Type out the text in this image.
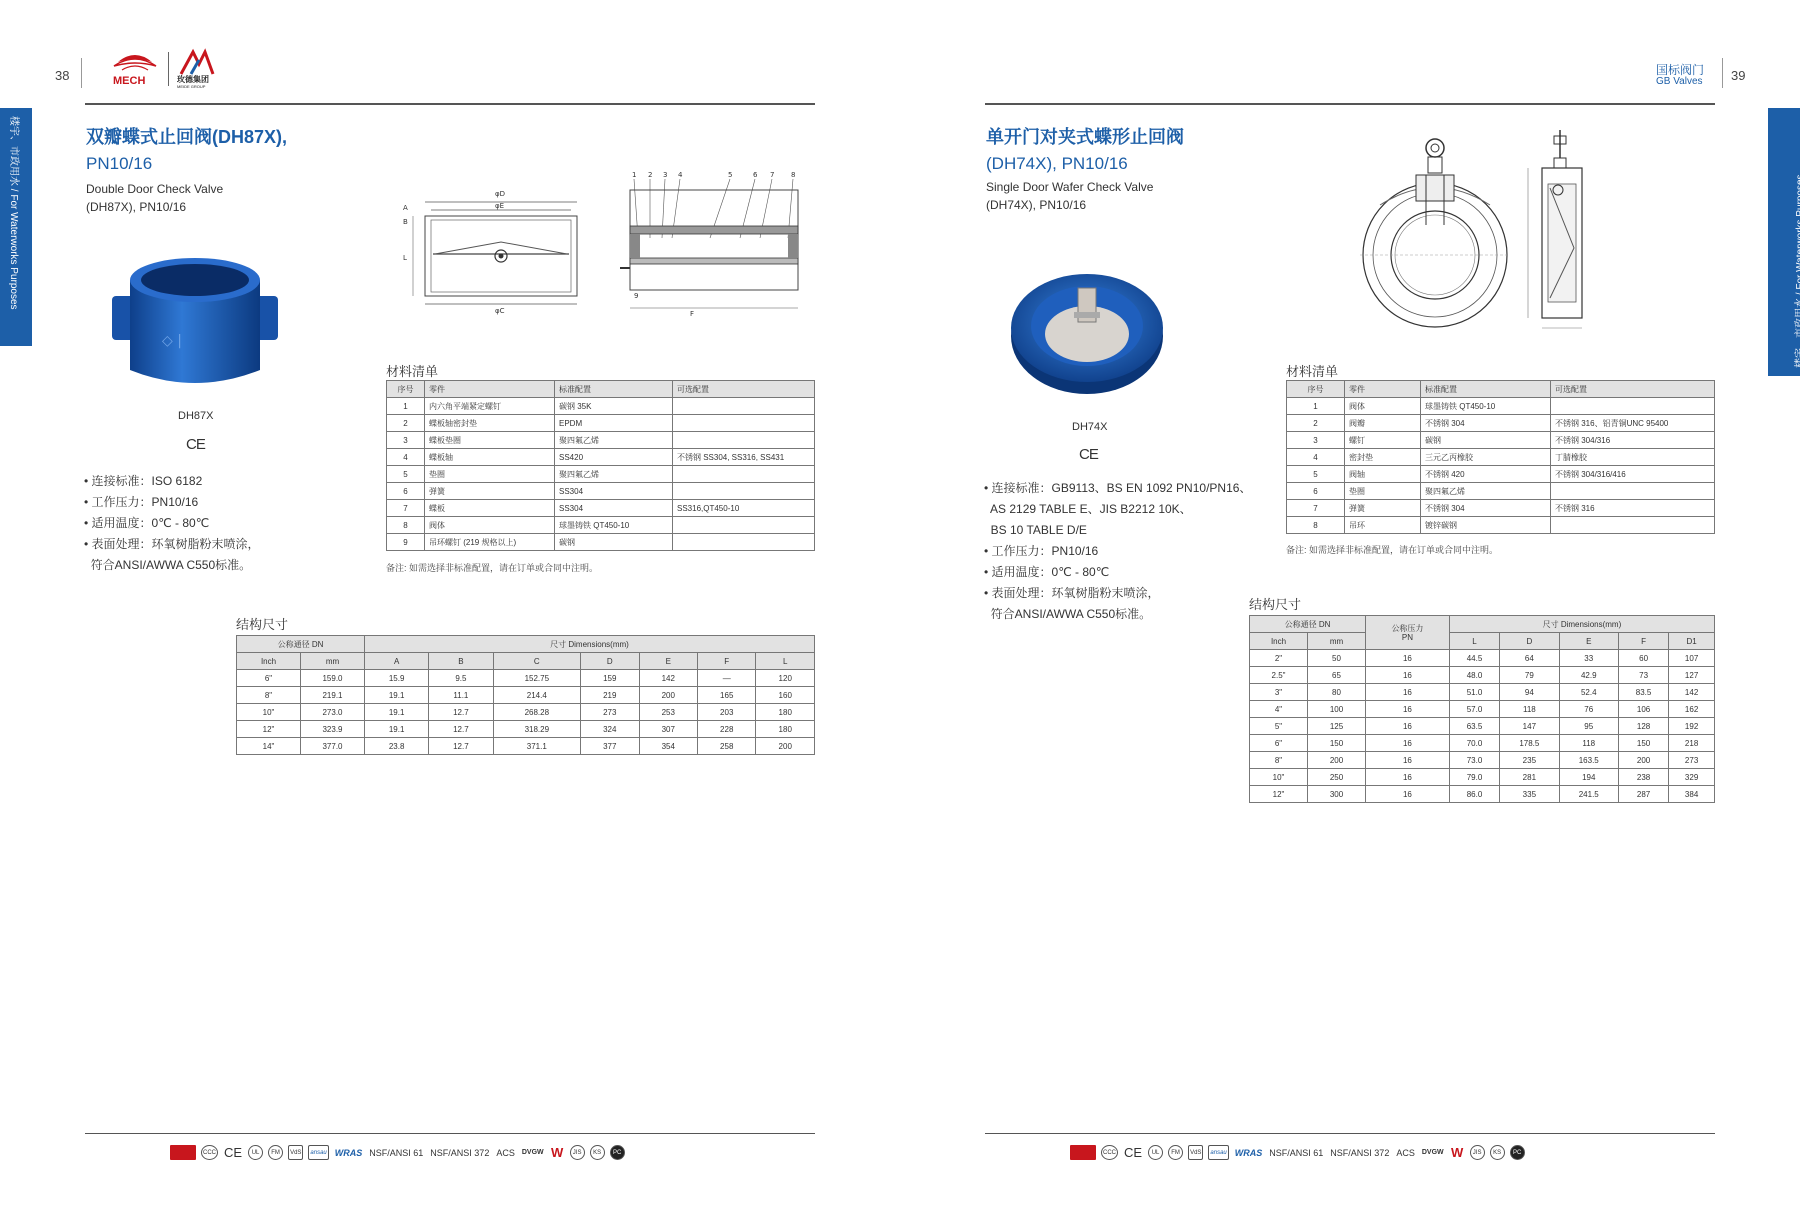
38	MECH	玫德集团
MEIDE GROUP
楼宇、市政用水 / For Waterworks Purposes	双瓣蝶式止回阀(DH87X),
PN10/16
Double Door Check Valve
(DH87X), PN10/16
◇ |
DH87X
CE
• 连接标准：ISO 6182
• 工作压力：PN10/16
• 适用温度：0℃ - 80℃
• 表面处理：环氧树脂粉末喷涂，
符合ANSI/AWWA C550标准。
A
B
L
φD
φE
φC
1 2 3 4	5	6 7 8
9
F
材料清单
序号	零件	标准配置	可选配置
1	内六角平端紧定螺钉	碳钢 35K	
2	蝶板轴密封垫	EPDM	
3	蝶板垫圈	聚四氟乙烯	
4	蝶板轴	SS420	不锈钢 SS304, SS316, SS431
5	垫圈	聚四氟乙烯	
6	弹簧	SS304	
7	蝶板	SS304	SS316,QT450-10
8	阀体	球墨铸铁 QT450-10	
9	吊环螺钉 (219 规格以上)	碳钢	
备注: 如需选择非标准配置，请在订单或合同中注明。
结构尺寸
公称通径 DN		尺寸 Dimensions(mm)						
Inch	mm	A	B	C	D	E	F	L
6"	159.0	15.9	9.5	152.75	159	142	—	120
8"	219.1	19.1	11.1	214.4	219	200	165	160
10"	273.0	19.1	12.7	268.28	273	253	203	180
12"	323.9	19.1	12.7	318.29	324	307	228	180
14"	377.0	23.8	12.7	371.1	377	354	258	200
CCC CE	UL	FM	VdS	ansau WRAS NSF/ANSI 61 NSF/ANSI 372 ACS DVGW W	JIS	KS	PC
国标阀门
GB Valves 39
楼宇、市政用水 / For Waterworks Purposes
单开门对夹式蝶形止回阀
(DH74X), PN10/16
Single Door Wafer Check Valve
(DH74X), PN10/16
DH74X
CE
• 连接标准：GB9113、BS EN 1092 PN10/PN16、
AS 2129 TABLE E、JIS B2212 10K、
BS 10 TABLE D/E
• 工作压力：PN10/16
• 适用温度：0℃ - 80℃
• 表面处理：环氧树脂粉末喷涂，
符合ANSI/AWWA C550标准。
材料清单
序号	零件	标准配置	可选配置
1	阀体	球墨铸铁 QT450-10	
2	阀瓣	不锈钢 304	不锈钢 316、铝青铜UNC 95400
3	螺钉	碳钢	不锈钢 304/316
4	密封垫	三元乙丙橡胶	丁腈橡胶
5	阀轴	不锈钢 420	不锈钢 304/316/416
6	垫圈	聚四氟乙烯	
7	弹簧	不锈钢 304	不锈钢 316
8	吊环	镀锌碳钢	
备注: 如需选择非标准配置，请在订单或合同中注明。
结构尺寸
公称通径 DN		公称压力
PN	尺寸 Dimensions(mm)				
Inch	mm		L	D	E	F	D1
2"	50	16	44.5	64	33	60	107
2.5"	65	16	48.0	79	42.9	73	127
3"	80	16	51.0	94	52.4	83.5	142
4"	100	16	57.0	118	76	106	162
5"	125	16	63.5	147	95	128	192
6"	150	16	70.0	178.5	118	150	218
8"	200	16	73.0	235	163.5	200	273
10"	250	16	79.0	281	194	238	329
12"	300	16	86.0	335	241.5	287	384
CCC CE	UL	FM	VdS	ansau WRAS NSF/ANSI 61 NSF/ANSI 372 ACS DVGW W	JIS	KS	PC
